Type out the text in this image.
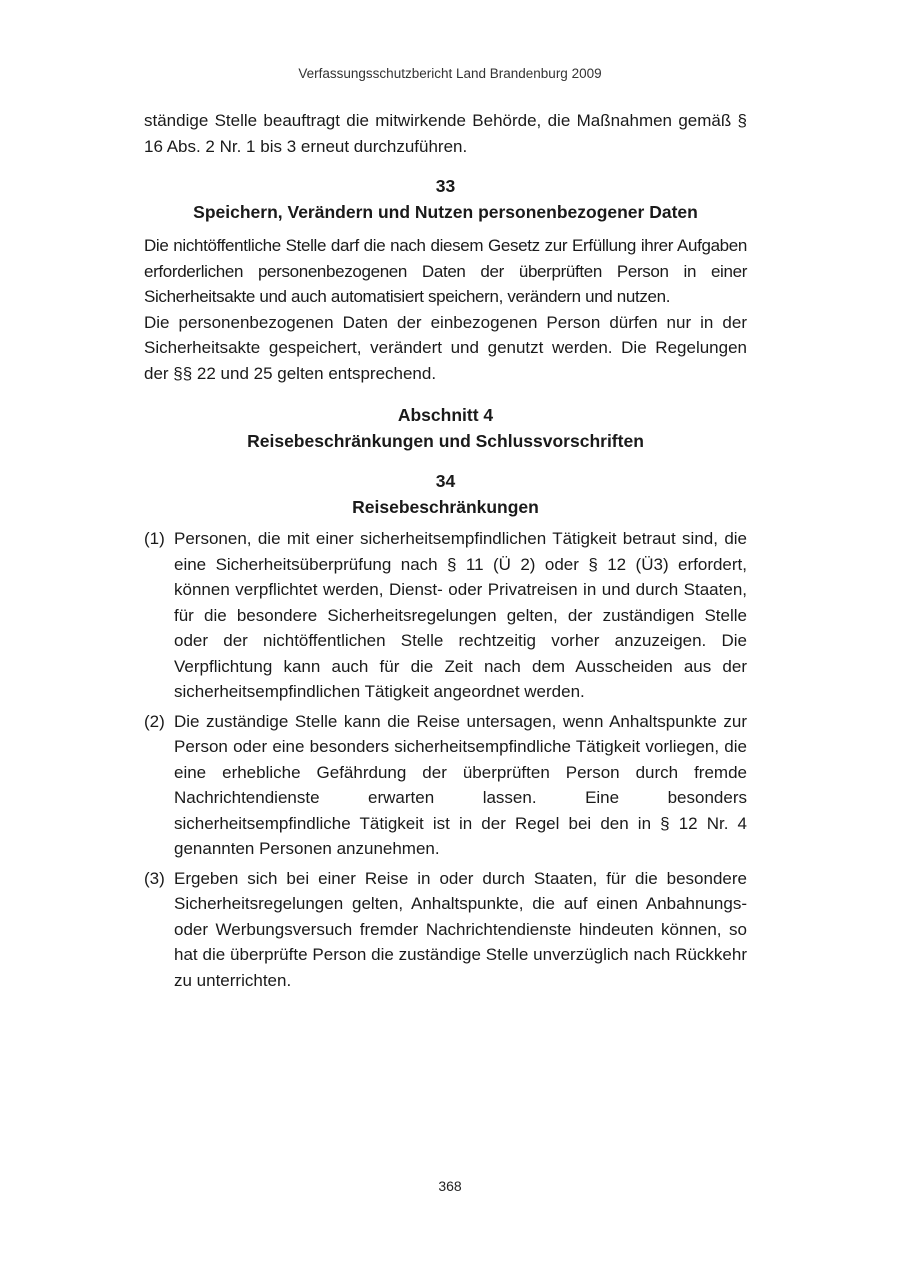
Verfassungsschutzbericht Land Brandenburg 2009

ständige Stelle beauftragt die mitwirkende Behörde, die Maßnahmen gemäß § 16 Abs. 2 Nr. 1 bis 3 erneut durchzuführen.

33

Speichern, Verändern und Nutzen personenbezogener Daten

Die nichtöffentliche Stelle darf die nach diesem Gesetz zur Erfüllung ihrer Aufgaben erforderlichen personenbezogenen Daten der überprüften Person in einer Sicherheitsakte und auch automatisiert speichern, verändern und nutzen.

Die personenbezogenen Daten der einbezogenen Person dürfen nur in der Sicherheitsakte gespeichert, verändert und genutzt werden. Die Regelungen der §§ 22 und 25 gelten entsprechend.

Abschnitt 4

Reisebeschränkungen und Schlussvorschriften

34

Reisebeschränkungen

(1) Personen, die mit einer sicherheitsempfindlichen Tätigkeit betraut sind, die eine Sicherheitsüberprüfung nach § 11 (Ü 2) oder § 12 (Ü3) erfordert, können verpflichtet werden, Dienst- oder Privatreisen in und durch Staaten, für die besondere Sicherheitsregelungen gelten, der zuständigen Stelle oder der nichtöffentlichen Stelle rechtzeitig vorher anzuzeigen. Die Verpflichtung kann auch für die Zeit nach dem Ausscheiden aus der sicherheitsempfindlichen Tätigkeit angeordnet werden.
(2) Die zuständige Stelle kann die Reise untersagen, wenn Anhaltspunkte zur Person oder eine besonders sicherheitsempfindliche Tätigkeit vorliegen, die eine erhebliche Gefährdung der überprüften Person durch fremde Nachrichtendienste erwarten lassen. Eine besonders sicherheitsempfindliche Tätigkeit ist in der Regel bei den in § 12 Nr. 4 genannten Personen anzunehmen.
(3) Ergeben sich bei einer Reise in oder durch Staaten, für die besondere Sicherheitsregelungen gelten, Anhaltspunkte, die auf einen Anbahnungs- oder Werbungsversuch fremder Nachrichtendienste hindeuten können, so hat die überprüfte Person die zuständige Stelle unverzüglich nach Rückkehr zu unterrichten.
368
